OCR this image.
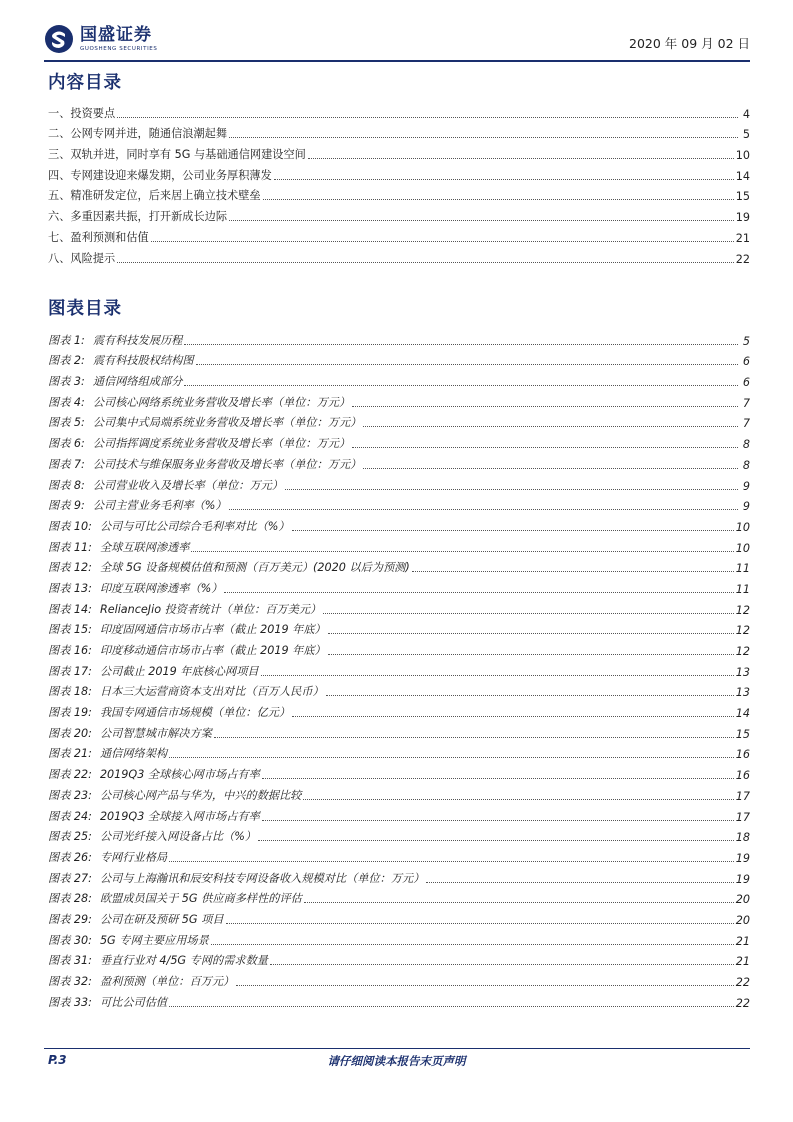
国盛证券
GUOSHENG SECURITIES	2020 年 09 月 02 日
内容目录
一、投资要点	4
二、公网专网并进，随通信浪潮起舞	5
三、双轨并进，同时享有 5G 与基础通信网建设空间	10
四、专网建设迎来爆发期，公司业务厚积薄发	14
五、精准研发定位，后来居上确立技术壁垒	15
六、多重因素共振，打开新成长边际	19
七、盈利预测和估值	21
八、风险提示	22
图表目录
图表 1: 震有科技发展历程	5
图表 2: 震有科技股权结构图	6
图表 3: 通信网络组成部分	6
图表 4: 公司核心网络系统业务营收及增长率（单位：万元）	7
图表 5: 公司集中式局端系统业务营收及增长率（单位：万元）	7
图表 6: 公司指挥调度系统业务营收及增长率（单位：万元）	8
图表 7: 公司技术与维保服务业务营收及增长率（单位：万元）	8
图表 8: 公司营业收入及增长率（单位：万元）	9
图表 9: 公司主营业务毛利率（%）	9
图表 10: 公司与可比公司综合毛利率对比（%）	10
图表 11: 全球互联网渗透率	10
图表 12: 全球 5G 设备规模估值和预测（百万美元）(2020 以后为预测)	11
图表 13: 印度互联网渗透率（%）	11
图表 14: RelianceJio 投资者统计（单位：百万美元）	12
图表 15: 印度固网通信市场市占率（截止 2019 年底）	12
图表 16: 印度移动通信市场市占率（截止 2019 年底）	12
图表 17: 公司截止 2019 年底核心网项目	13
图表 18: 日本三大运营商资本支出对比（百万人民币）	13
图表 19: 我国专网通信市场规模（单位：亿元）	14
图表 20: 公司智慧城市解决方案	15
图表 21: 通信网络架构	16
图表 22: 2019Q3 全球核心网市场占有率	16
图表 23: 公司核心网产品与华为，中兴的数据比较	17
图表 24: 2019Q3 全球接入网市场占有率	17
图表 25: 公司光纤接入网设备占比（%）	18
图表 26: 专网行业格局	19
图表 27: 公司与上海瀚讯和辰安科技专网设备收入规模对比（单位：万元）	19
图表 28: 欧盟成员国关于 5G 供应商多样性的评估	20
图表 29: 公司在研及预研 5G 项目	20
图表 30: 5G 专网主要应用场景	21
图表 31: 垂直行业对 4/5G 专网的需求数量	21
图表 32: 盈利预测（单位：百万元）	22
图表 33: 可比公司估值	22
P.3	请仔细阅读本报告末页声明
